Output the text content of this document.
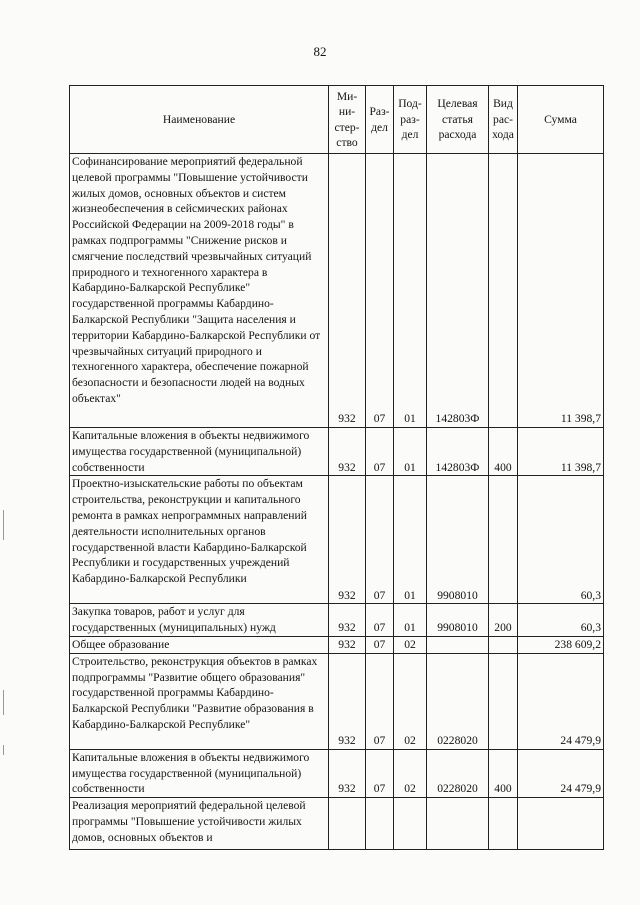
82
Наименование	Ми-
ни-
стер-
ство	Раз-
дел	Под-
раз-
дел	Целевая
статья
расхода	Вид
рас-
хода	Сумма
Софинансирование мероприятий федеральной целевой программы "Повышение устойчивости жилых домов, основных объектов и систем жизнеобеспечения в сейсмических районах Российской Федерации на 2009-2018 годы" в рамках подпрограммы "Снижение рисков и смягчение последствий чрезвычайных ситуаций природного и техногенного характера в Кабардино-Балкарской Республике" государственной программы Кабардино-Балкарской Республики "Защита населения и территории Кабардино-Балкарской Республики от чрезвычайных ситуаций природного и техногенного характера, обеспечение пожарной безопасности и безопасности людей на водных объектах"	932	07	01	142803Ф		11 398,7
Капитальные вложения в объекты недвижимого имущества государственной (муниципальной) собственности	932	07	01	142803Ф	400	11 398,7
Проектно-изыскательские работы по объектам строительства, реконструкции и капитального ремонта в рамках непрограммных направлений деятельности исполнительных органов государственной власти Кабардино-Балкарской Республики и государственных учреждений Кабардино-Балкарской Республики	932	07	01	9908010		60,3
Закупка товаров, работ и услуг для государственных (муниципальных) нужд	932	07	01	9908010	200	60,3
Общее образование	932	07	02			238 609,2
Строительство, реконструкция объектов в рамках подпрограммы "Развитие общего образования" государственной программы Кабардино-Балкарской Республики "Развитие образования в Кабардино-Балкарской Республике"	932	07	02	0228020		24 479,9
Капитальные вложения в объекты недвижимого имущества государственной (муниципальной) собственности	932	07	02	0228020	400	24 479,9
Реализация мероприятий федеральной целевой программы "Повышение устойчивости жилых домов, основных объектов и						
